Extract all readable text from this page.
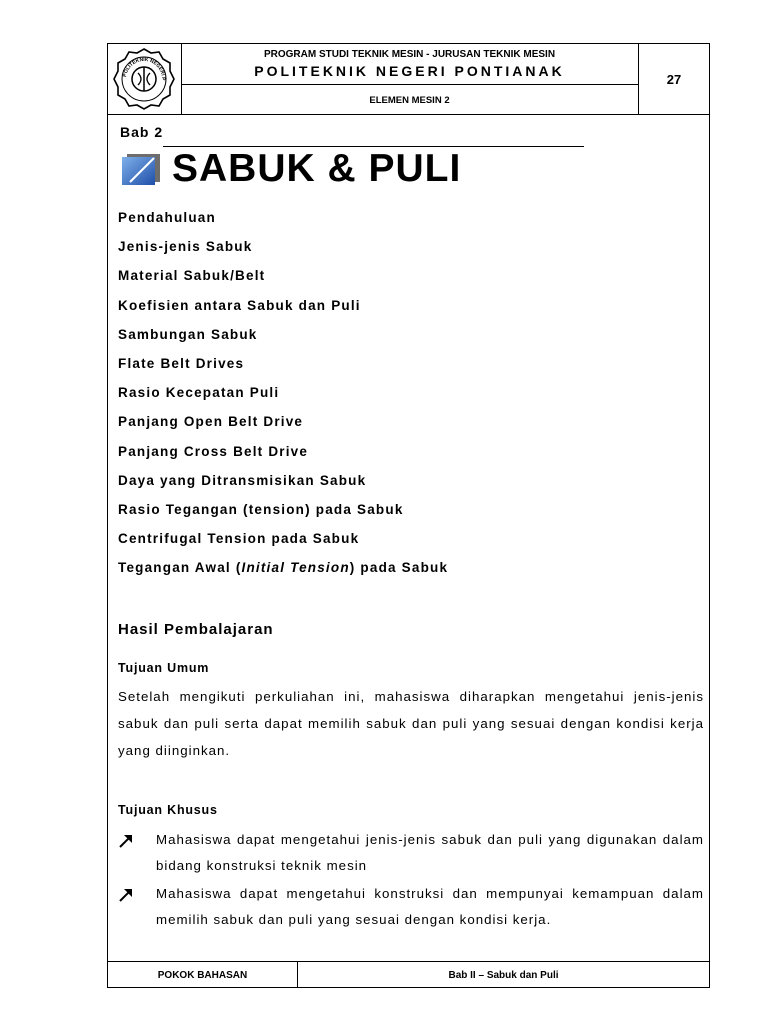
POLITEKNIK NEGERI P
PROGRAM STUDI TEKNIK MESIN - JURUSAN TEKNIK MESIN
POLITEKNIK NEGERI PONTIANAK
ELEMEN MESIN 2
27
Bab 2
SABUK & PULI
Pendahuluan
Jenis-jenis Sabuk
Material Sabuk/Belt
Koefisien antara Sabuk dan Puli
Sambungan Sabuk
Flate Belt Drives
Rasio Kecepatan Puli
Panjang Open Belt Drive
Panjang Cross Belt Drive
Daya yang Ditransmisikan Sabuk
Rasio Tegangan (tension) pada Sabuk
Centrifugal Tension pada Sabuk
Tegangan Awal (Initial Tension) pada Sabuk
Hasil Pembalajaran
Tujuan Umum

Setelah mengikuti perkuliahan ini, mahasiswa diharapkan mengetahui jenis-jenis sabuk dan puli serta dapat memilih sabuk dan puli yang sesuai dengan kondisi kerja yang diinginkan.

Tujuan Khusus

Mahasiswa dapat mengetahui jenis-jenis sabuk dan puli yang digunakan dalam bidang konstruksi teknik mesin

Mahasiswa dapat mengetahui konstruksi dan mempunyai kemampuan dalam memilih sabuk dan puli yang sesuai dengan kondisi kerja.

POKOK BAHASAN	Bab II – Sabuk dan Puli
